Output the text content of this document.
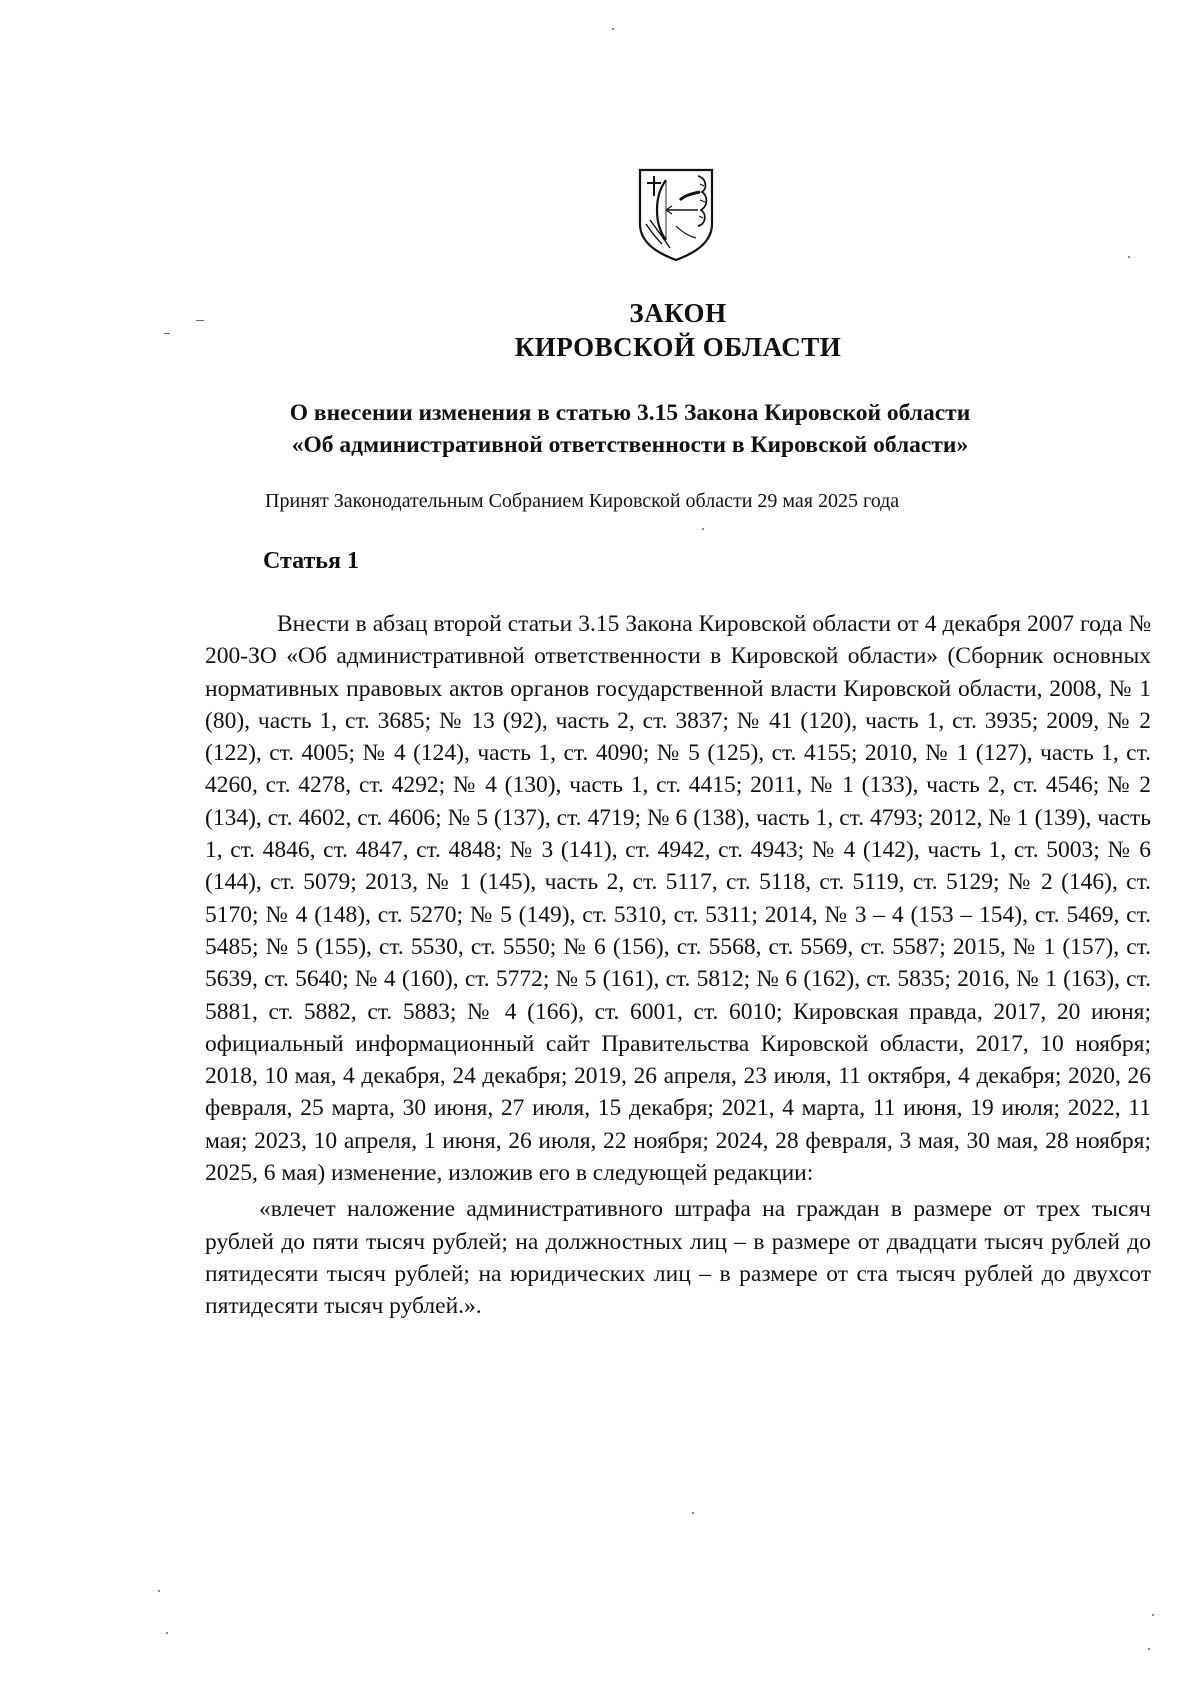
ЗАКОН

КИРОВСКОЙ ОБЛАСТИ

О внесении изменения в статью 3.15 Закона Кировской области

«Об административной ответственности в Кировской области»

Принят Законодательным Собранием Кировской области 29 мая 2025 года

Статья 1

Внести в абзац второй статьи 3.15 Закона Кировской области от 4 декабря 2007 года № 200-ЗО «Об административной ответственности в Кировской области» (Сборник основных нормативных правовых актов органов государственной власти Кировской области, 2008, № 1 (80), часть 1, ст. 3685; № 13 (92), часть 2, ст. 3837; № 41 (120), часть 1, ст. 3935; 2009, № 2 (122), ст. 4005; № 4 (124), часть 1, ст. 4090; № 5 (125), ст. 4155; 2010, № 1 (127), часть 1, ст. 4260, ст. 4278, ст. 4292; № 4 (130), часть 1, ст. 4415; 2011, № 1 (133), часть 2, ст. 4546; № 2 (134), ст. 4602, ст. 4606; № 5 (137), ст. 4719; № 6 (138), часть 1, ст. 4793; 2012, № 1 (139), часть 1, ст. 4846, ст. 4847, ст. 4848; № 3 (141), ст. 4942, ст. 4943; № 4 (142), часть 1, ст. 5003; № 6 (144), ст. 5079; 2013, № 1 (145), часть 2, ст. 5117, ст. 5118, ст. 5119, ст. 5129; № 2 (146), ст. 5170; № 4 (148), ст. 5270; № 5 (149), ст. 5310, ст. 5311; 2014, № 3 – 4 (153 – 154), ст. 5469, ст. 5485; № 5 (155), ст. 5530, ст. 5550; № 6 (156), ст. 5568, ст. 5569, ст. 5587; 2015, № 1 (157), ст. 5639, ст. 5640; № 4 (160), ст. 5772; № 5 (161), ст. 5812; № 6 (162), ст. 5835; 2016, № 1 (163), ст. 5881, ст. 5882, ст. 5883; № 4 (166), ст. 6001, ст. 6010; Кировская правда, 2017, 20 июня; официальный информационный сайт Правительства Кировской области, 2017, 10 ноября; 2018, 10 мая, 4 декабря, 24 декабря; 2019, 26 апреля, 23 июля, 11 октября, 4 декабря; 2020, 26 февраля, 25 марта, 30 июня, 27 июля, 15 декабря; 2021, 4 марта, 11 июня, 19 июля; 2022, 11 мая; 2023, 10 апреля, 1 июня, 26 июля, 22 ноября; 2024, 28 февраля, 3 мая, 30 мая, 28 ноября; 2025, 6 мая) изменение, изложив его в следующей редакции:

«влечет наложение административного штрафа на граждан в размере от трех тысяч рублей до пяти тысяч рублей; на должностных лиц – в размере от двадцати тысяч рублей до пятидесяти тысяч рублей; на юридических лиц – в размере от ста тысяч рублей до двухсот пятидесяти тысяч рублей.».
